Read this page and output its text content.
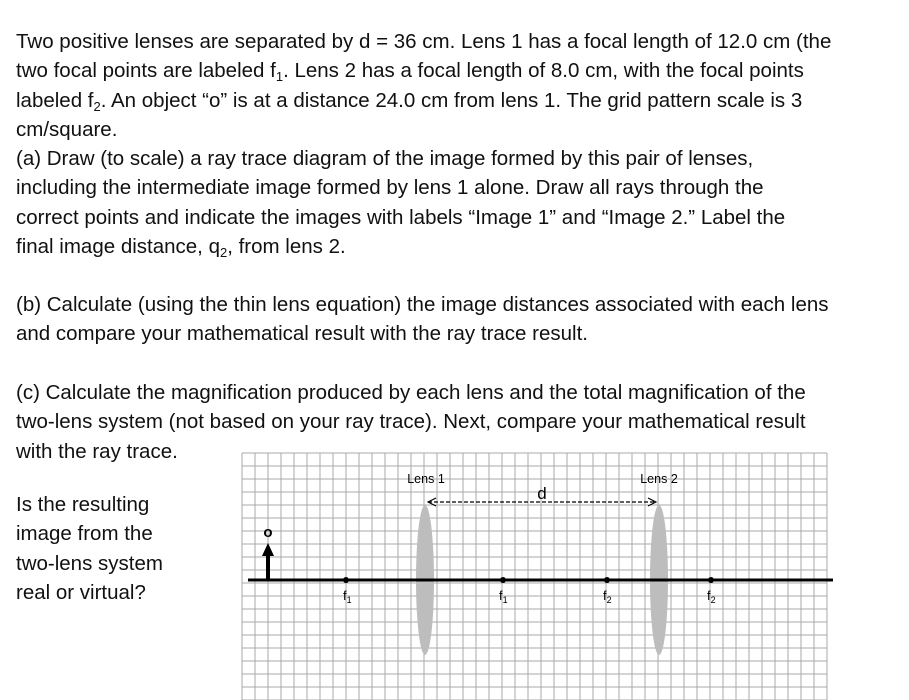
Two positive lenses are separated by d = 36 cm. Lens 1 has a focal length of 12.0 cm (the

two focal points are labeled $f_1$. Lens 2 has a focal length of 8.0 cm, with the focal points

labeled $f_2$. An object “o” is at a distance 24.0 cm from lens 1. The grid pattern scale is 3

cm/square.

(a) Draw (to scale) a ray trace diagram of the image formed by this pair of lenses,

including the intermediate image formed by lens 1 alone. Draw all rays through the

correct points and indicate the images with labels “Image 1” and “Image 2.” Label the

final image distance, $q_2$, from lens 2.

(b) Calculate (using the thin lens equation) the image distances associated with each lens

and compare your mathematical result with the ray trace result.

(c) Calculate the magnification produced by each lens and the total magnification of the

two-lens system (not based on your ray trace). Next, compare your mathematical result

with the ray trace.

Is the resulting

image from the

two-lens system

real or virtual?

o
Lens 1	Lens 2
d
$f_1$	$f_1$	$f_2$	$f_2$
